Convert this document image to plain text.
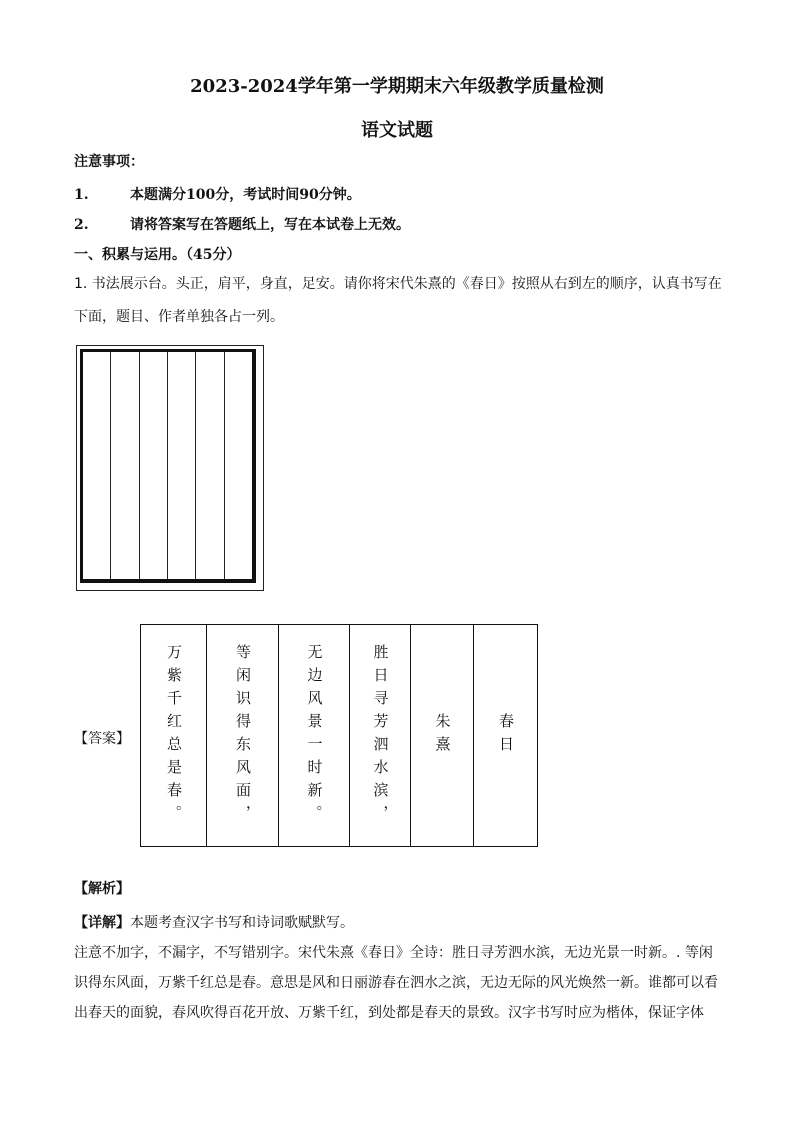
2023-2024学年第一学期期末六年级教学质量检测
语文试题
注意事项：
1.	本题满分100分，考试时间90分钟。
2.	请将答案写在答题纸上，写在本试卷上无效。
一、积累与运用。（45分）
1. 书法展示台。头正，肩平，身直，足安。请你将宋代朱熹的《春日》按照从右到左的顺序，认真书写在下面，题目、作者单独各占一列。
【答案】 万紫千红总是春。	等闲识得东风面，	无边风景一时新。	胜日寻芳泗水滨，	朱熹	春日
【解析】

【详解】本题考查汉字书写和诗词歌赋默写。

注意不加字，不漏字，不写错别字。宋代朱熹《春日》全诗：胜日寻芳泗水滨，无边光景一时新。. 等闲识得东风面，万紫千红总是春。意思是风和日丽游春在泗水之滨，无边无际的风光焕然一新。谁都可以看出春天的面貌，春风吹得百花开放、万紫千红，到处都是春天的景致。汉字书写时应为楷体，保证字体
